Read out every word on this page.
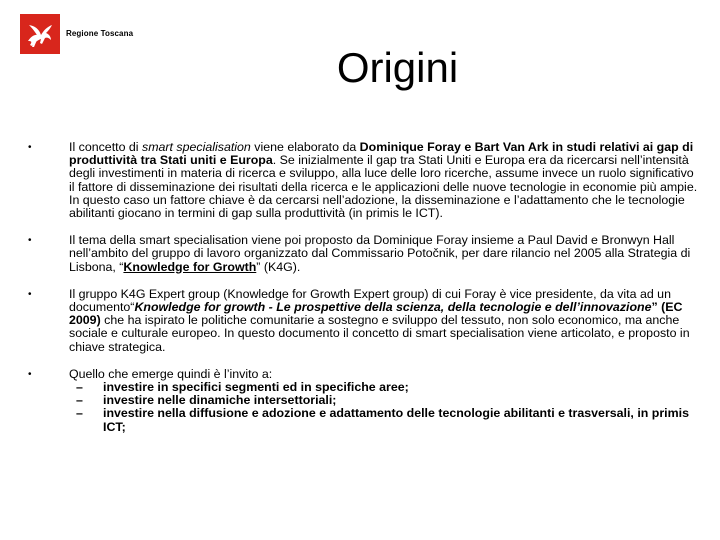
Regione Toscana
Origini
•	Il concetto di smart specialisation viene elaborato da Dominique Foray e Bart Van Ark in studi relativi ai gap di produttività tra Stati uniti e Europa. Se inizialmente il gap tra Stati Uniti e Europa era da ricercarsi nell’intensità degli investimenti in materia di ricerca e sviluppo, alla luce delle loro ricerche, assume invece un ruolo significativo il fattore di disseminazione dei risultati della ricerca e le applicazioni delle nuove tecnologie in economie più ampie. In questo caso un fattore chiave è da cercarsi nell’adozione, la disseminazione e l’adattamento che le tecnologie abilitanti giocano in termini di gap sulla produttività (in primis le ICT).
•	Il tema della smart specialisation viene poi proposto da Dominique Foray insieme a Paul David e Bronwyn Hall nell’ambito del gruppo di lavoro organizzato dal Commissario Potočnik, per dare rilancio nel 2005 alla Strategia di Lisbona, “Knowledge for Growth” (K4G).
•	Il gruppo K4G Expert group (Knowledge for Growth Expert group) di cui Foray è vice presidente, da vita ad un documento“Knowledge for growth - Le prospettive della scienza, della tecnologie e dell’innovazione” (EC 2009) che ha ispirato le politiche comunitarie a sostegno e sviluppo del tessuto, non solo economico, ma anche sociale e culturale europeo. In questo documento il concetto di smart specialisation viene articolato, e proposto in chiave strategica.
•	Quello che emerge quindi è l’invito a:
– investire in specifici segmenti ed in specifiche aree;
– investire nelle dinamiche intersettoriali;
– investire nella diffusione e adozione e adattamento delle tecnologie abilitanti e trasversali, in primis ICT;
